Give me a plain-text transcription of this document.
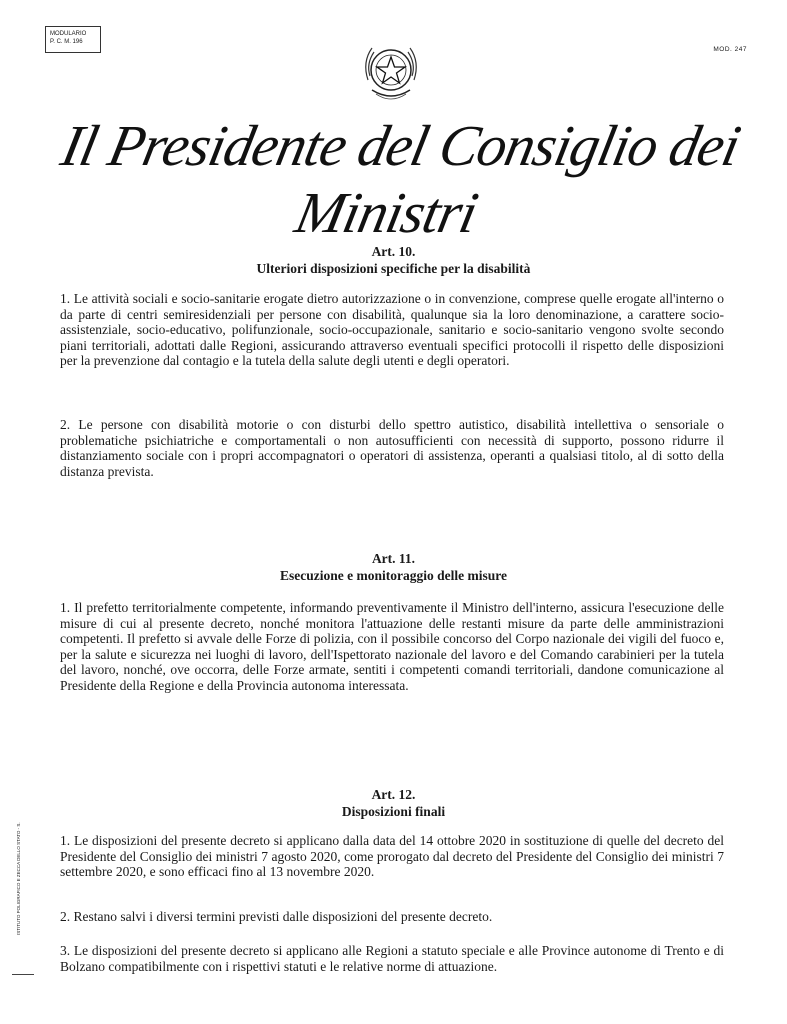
MODULARIO
P. C. M. 196
MOD. 247
Il Presidente del Consiglio dei Ministri
ISTITUTO POLIGRAFICO E ZECCA DELLO STATO - S.
Art. 10.
Ulteriori disposizioni specifiche per la disabilità
1. Le attività sociali e socio-sanitarie erogate dietro autorizzazione o in convenzione, comprese quelle erogate all'interno o da parte di centri semiresidenziali per persone con disabilità, qualunque sia la loro denominazione, a carattere socio-assistenziale, socio-educativo, polifunzionale, socio-occupazionale, sanitario e socio-sanitario vengono svolte secondo piani territoriali, adottati dalle Regioni, assicurando attraverso eventuali specifici protocolli il rispetto delle disposizioni per la prevenzione dal contagio e la tutela della salute degli utenti e degli operatori.
2. Le persone con disabilità motorie o con disturbi dello spettro autistico, disabilità intellettiva o sensoriale o problematiche psichiatriche e comportamentali o non autosufficienti con necessità di supporto, possono ridurre il distanziamento sociale con i propri accompagnatori o operatori di assistenza, operanti a qualsiasi titolo, al di sotto della distanza prevista.
Art. 11.
Esecuzione e monitoraggio delle misure
1. Il prefetto territorialmente competente, informando preventivamente il Ministro dell'interno, assicura l'esecuzione delle misure di cui al presente decreto, nonché monitora l'attuazione delle restanti misure da parte delle amministrazioni competenti. Il prefetto si avvale delle Forze di polizia, con il possibile concorso del Corpo nazionale dei vigili del fuoco e, per la salute e sicurezza nei luoghi di lavoro, dell'Ispettorato nazionale del lavoro e del Comando carabinieri per la tutela del lavoro, nonché, ove occorra, delle Forze armate, sentiti i competenti comandi territoriali, dandone comunicazione al Presidente della Regione e della Provincia autonoma interessata.
Art. 12.
Disposizioni finali
1. Le disposizioni del presente decreto si applicano dalla data del 14 ottobre 2020 in sostituzione di quelle del decreto del Presidente del Consiglio dei ministri 7 agosto 2020, come prorogato dal decreto del Presidente del Consiglio dei ministri 7 settembre 2020, e sono efficaci fino al 13 novembre 2020.
2. Restano salvi i diversi termini previsti dalle disposizioni del presente decreto.
3. Le disposizioni del presente decreto si applicano alle Regioni a statuto speciale e alle Province autonome di Trento e di Bolzano compatibilmente con i rispettivi statuti e le relative norme di attuazione.
